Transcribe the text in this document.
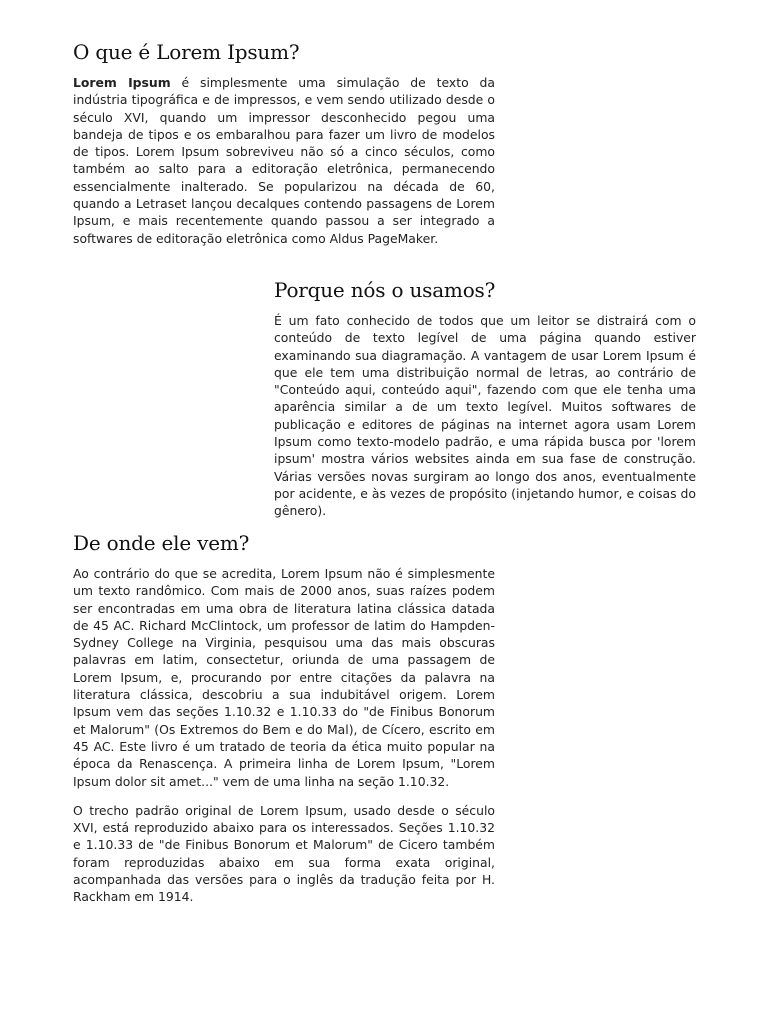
O que é Lorem Ipsum?

Lorem Ipsum é simplesmente uma simulação de texto da indústria tipográfica e de impressos, e vem sendo utilizado desde o século XVI, quando um impressor desconhecido pegou uma bandeja de tipos e os embaralhou para fazer um livro de modelos de tipos. Lorem Ipsum sobreviveu não só a cinco séculos, como também ao salto para a editoração eletrônica, permanecendo essencialmente inalterado. Se popularizou na década de 60, quando a Letraset lançou decalques contendo passagens de Lorem Ipsum, e mais recentemente quando passou a ser integrado a softwares de editoração eletrônica como Aldus PageMaker.

Porque nós o usamos?

É um fato conhecido de todos que um leitor se distrairá com o conteúdo de texto legível de uma página quando estiver examinando sua diagramação. A vantagem de usar Lorem Ipsum é que ele tem uma distribuição normal de letras, ao contrário de "Conteúdo aqui, conteúdo aqui", fazendo com que ele tenha uma aparência similar a de um texto legível. Muitos softwares de publicação e editores de páginas na internet agora usam Lorem Ipsum como texto-modelo padrão, e uma rápida busca por 'lorem ipsum' mostra vários websites ainda em sua fase de construção. Várias versões novas surgiram ao longo dos anos, eventualmente por acidente, e às vezes de propósito (injetando humor, e coisas do gênero).

De onde ele vem?

Ao contrário do que se acredita, Lorem Ipsum não é simplesmente um texto randômico. Com mais de 2000 anos, suas raízes podem ser encontradas em uma obra de literatura latina clássica datada de 45 AC. Richard McClintock, um professor de latim do Hampden-Sydney College na Virginia, pesquisou uma das mais obscuras palavras em latim, consectetur, oriunda de uma passagem de Lorem Ipsum, e, procurando por entre citações da palavra na literatura clássica, descobriu a sua indubitável origem. Lorem Ipsum vem das seções 1.10.32 e 1.10.33 do "de Finibus Bonorum et Malorum" (Os Extremos do Bem e do Mal), de Cícero, escrito em 45 AC. Este livro é um tratado de teoria da ética muito popular na época da Renascença. A primeira linha de Lorem Ipsum, "Lorem Ipsum dolor sit amet..." vem de uma linha na seção 1.10.32.

O trecho padrão original de Lorem Ipsum, usado desde o século XVI, está reproduzido abaixo para os interessados. Seções 1.10.32 e 1.10.33 de "de Finibus Bonorum et Malorum" de Cicero também foram reproduzidas abaixo em sua forma exata original, acompanhada das versões para o inglês da tradução feita por H. Rackham em 1914.
